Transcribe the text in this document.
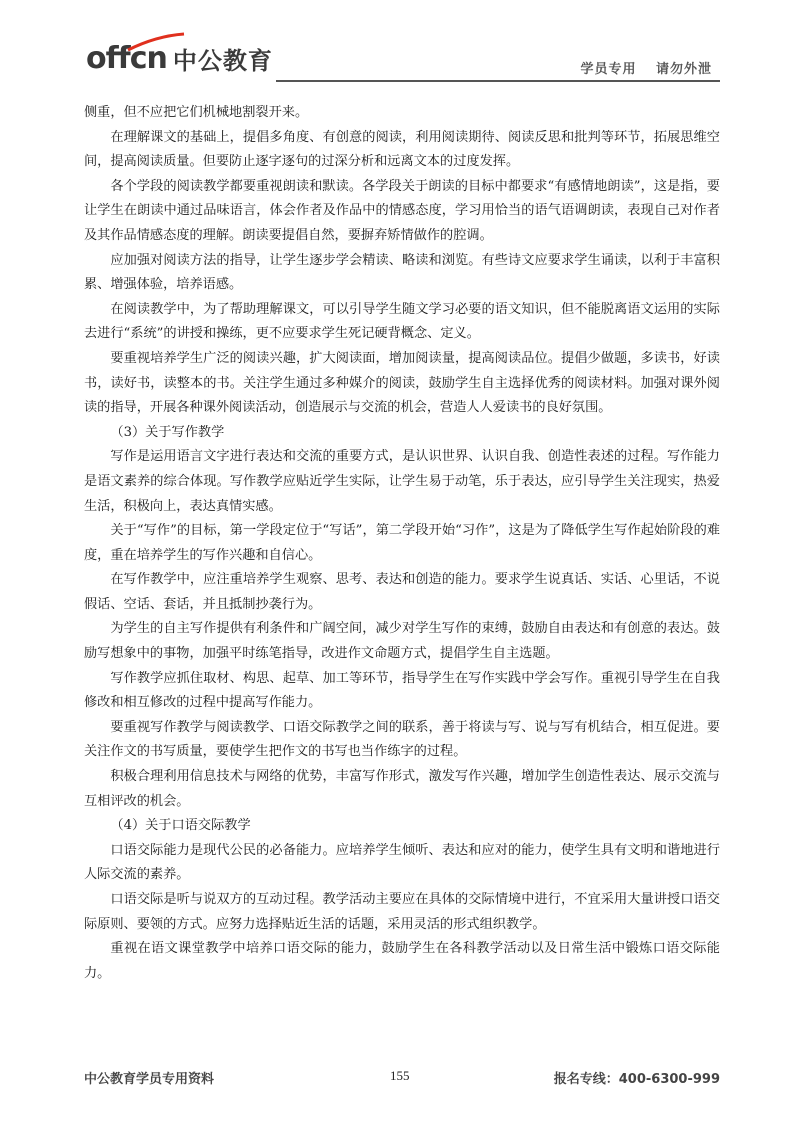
offcn 中公教育	学员专用 请勿外泄

侧重，但不应把它们机械地割裂开来。

在理解课文的基础上，提倡多角度、有创意的阅读，利用阅读期待、阅读反思和批判等环节，拓展思维空间，提高阅读质量。但要防止逐字逐句的过深分析和远离文本的过度发挥。

各个学段的阅读教学都要重视朗读和默读。各学段关于朗读的目标中都要求“有感情地朗读”，这是指，要让学生在朗读中通过品味语言，体会作者及作品中的情感态度，学习用恰当的语气语调朗读，表现自己对作者及其作品情感态度的理解。朗读要提倡自然，要摒弃矫情做作的腔调。

应加强对阅读方法的指导，让学生逐步学会精读、略读和浏览。有些诗文应要求学生诵读，以利于丰富积累、增强体验，培养语感。

在阅读教学中，为了帮助理解课文，可以引导学生随文学习必要的语文知识，但不能脱离语文运用的实际去进行“系统”的讲授和操练，更不应要求学生死记硬背概念、定义。

要重视培养学生广泛的阅读兴趣，扩大阅读面，增加阅读量，提高阅读品位。提倡少做题，多读书，好读书，读好书，读整本的书。关注学生通过多种媒介的阅读，鼓励学生自主选择优秀的阅读材料。加强对课外阅读的指导，开展各种课外阅读活动，创造展示与交流的机会，营造人人爱读书的良好氛围。

（3）关于写作教学

写作是运用语言文字进行表达和交流的重要方式，是认识世界、认识自我、创造性表述的过程。写作能力是语文素养的综合体现。写作教学应贴近学生实际，让学生易于动笔，乐于表达，应引导学生关注现实，热爱生活，积极向上，表达真情实感。

关于“写作”的目标，第一学段定位于“写话”，第二学段开始“习作”，这是为了降低学生写作起始阶段的难度，重在培养学生的写作兴趣和自信心。

在写作教学中，应注重培养学生观察、思考、表达和创造的能力。要求学生说真话、实话、心里话，不说假话、空话、套话，并且抵制抄袭行为。

为学生的自主写作提供有利条件和广阔空间，减少对学生写作的束缚，鼓励自由表达和有创意的表达。鼓励写想象中的事物，加强平时练笔指导，改进作文命题方式，提倡学生自主选题。

写作教学应抓住取材、构思、起草、加工等环节，指导学生在写作实践中学会写作。重视引导学生在自我修改和相互修改的过程中提高写作能力。

要重视写作教学与阅读教学、口语交际教学之间的联系，善于将读与写、说与写有机结合，相互促进。要关注作文的书写质量，要使学生把作文的书写也当作练字的过程。

积极合理利用信息技术与网络的优势，丰富写作形式，激发写作兴趣，增加学生创造性表达、展示交流与互相评改的机会。

（4）关于口语交际教学

口语交际能力是现代公民的必备能力。应培养学生倾听、表达和应对的能力，使学生具有文明和谐地进行人际交流的素养。

口语交际是听与说双方的互动过程。教学活动主要应在具体的交际情境中进行，不宜采用大量讲授口语交际原则、要领的方式。应努力选择贴近生活的话题，采用灵活的形式组织教学。

重视在语文课堂教学中培养口语交际的能力，鼓励学生在各科教学活动以及日常生活中锻炼口语交际能力。

中公教育学员专用资料	155	报名专线：400-6300-999
